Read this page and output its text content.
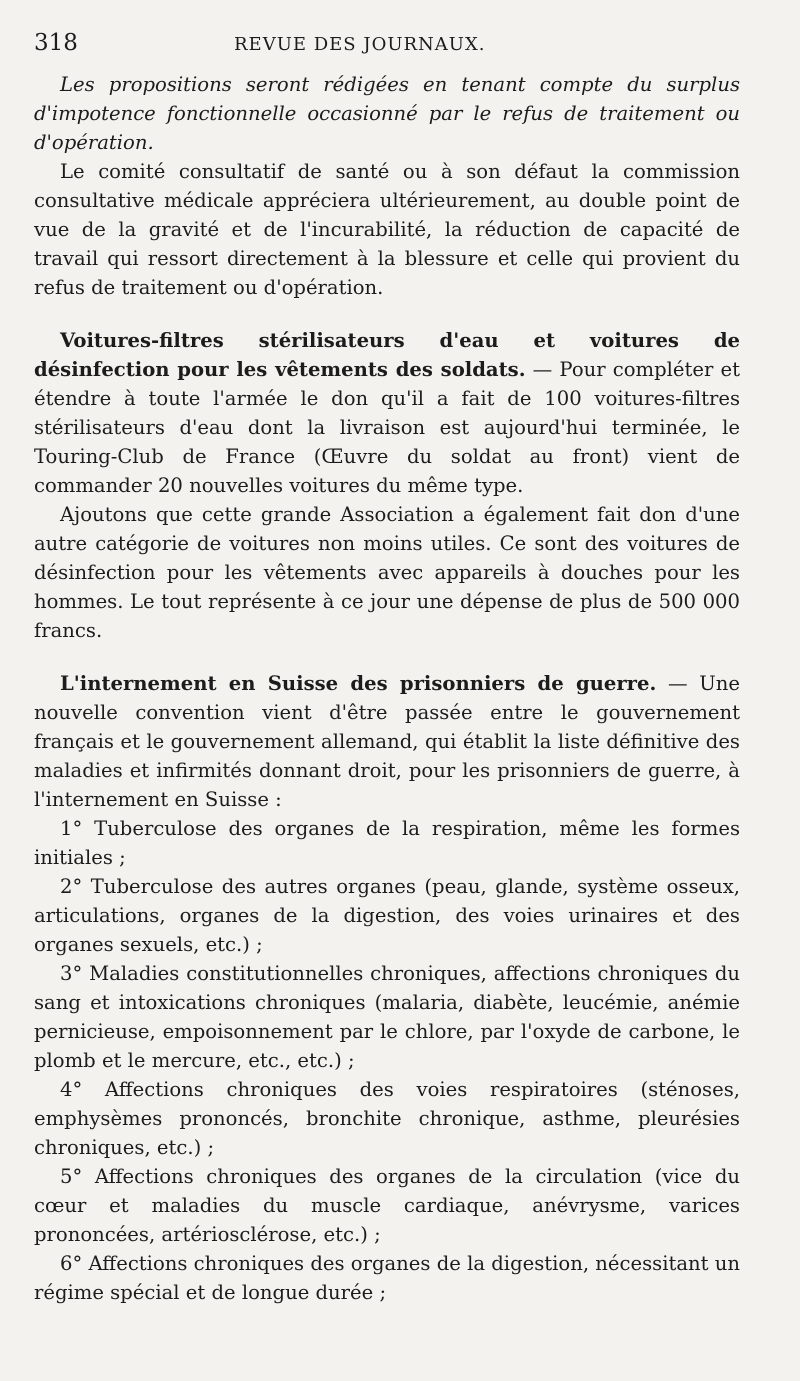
318	REVUE DES JOURNAUX.

Les propositions seront rédigées en tenant compte du surplus d'impotence fonctionnelle occasionné par le refus de traitement ou d'opération.

Le comité consultatif de santé ou à son défaut la commission consultative médicale appréciera ultérieurement, au double point de vue de la gravité et de l'incurabilité, la réduction de capacité de travail qui ressort directement à la blessure et celle qui provient du refus de traitement ou d'opération.

Voitures-filtres stérilisateurs d'eau et voitures de désinfection pour les vêtements des soldats. — Pour compléter et étendre à toute l'armée le don qu'il a fait de 100 voitures-filtres stérilisateurs d'eau dont la livraison est aujourd'hui terminée, le Touring-Club de France (Œuvre du soldat au front) vient de commander 20 nouvelles voitures du même type.

Ajoutons que cette grande Association a également fait don d'une autre catégorie de voitures non moins utiles. Ce sont des voitures de désinfection pour les vêtements avec appareils à douches pour les hommes. Le tout représente à ce jour une dépense de plus de 500 000 francs.

L'internement en Suisse des prisonniers de guerre. — Une nouvelle convention vient d'être passée entre le gouvernement français et le gouvernement allemand, qui établit la liste définitive des maladies et infirmités donnant droit, pour les prisonniers de guerre, à l'internement en Suisse :

1° Tuberculose des organes de la respiration, même les formes initiales ;

2° Tuberculose des autres organes (peau, glande, système osseux, articulations, organes de la digestion, des voies urinaires et des organes sexuels, etc.) ;

3° Maladies constitutionnelles chroniques, affections chroniques du sang et intoxications chroniques (malaria, diabète, leucémie, anémie pernicieuse, empoisonnement par le chlore, par l'oxyde de carbone, le plomb et le mercure, etc., etc.) ;

4° Affections chroniques des voies respiratoires (sténoses, emphysèmes prononcés, bronchite chronique, asthme, pleurésies chroniques, etc.) ;

5° Affections chroniques des organes de la circulation (vice du cœur et maladies du muscle cardiaque, anévrysme, varices prononcées, artériosclérose, etc.) ;

6° Affections chroniques des organes de la digestion, nécessitant un régime spécial et de longue durée ;
